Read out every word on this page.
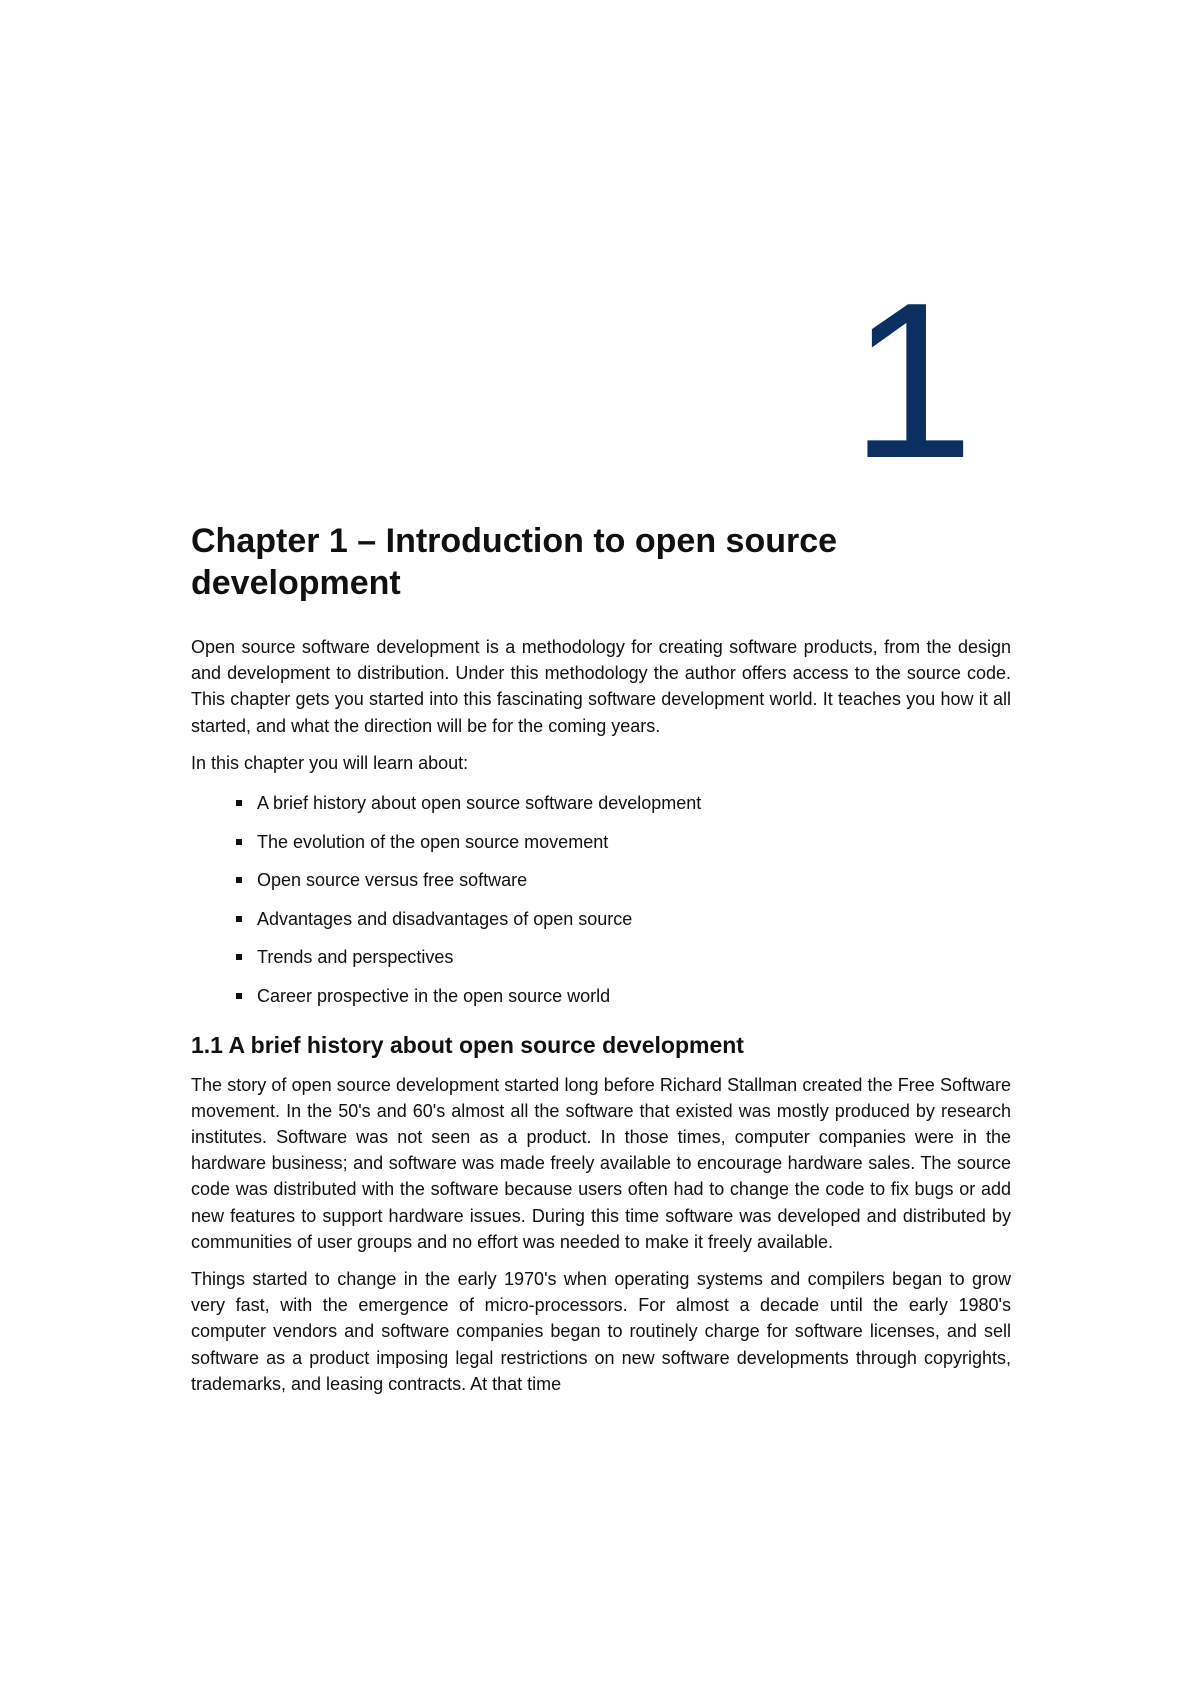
1
Chapter 1 – Introduction to open source development

Open source software development is a methodology for creating software products, from the design and development to distribution. Under this methodology the author offers access to the source code. This chapter gets you started into this fascinating software development world. It teaches you how it all started, and what the direction will be for the coming years.

In this chapter you will learn about:

A brief history about open source software development
The evolution of the open source movement
Open source versus free software
Advantages and disadvantages of open source
Trends and perspectives
Career prospective in the open source world
1.1 A brief history about open source development

The story of open source development started long before Richard Stallman created the Free Software movement. In the 50's and 60's almost all the software that existed was mostly produced by research institutes. Software was not seen as a product. In those times, computer companies were in the hardware business; and software was made freely available to encourage hardware sales. The source code was distributed with the software because users often had to change the code to fix bugs or add new features to support hardware issues. During this time software was developed and distributed by communities of user groups and no effort was needed to make it freely available.

Things started to change in the early 1970's when operating systems and compilers began to grow very fast, with the emergence of micro-processors. For almost a decade until the early 1980's computer vendors and software companies began to routinely charge for software licenses, and sell software as a product imposing legal restrictions on new software developments through copyrights, trademarks, and leasing contracts. At that time
